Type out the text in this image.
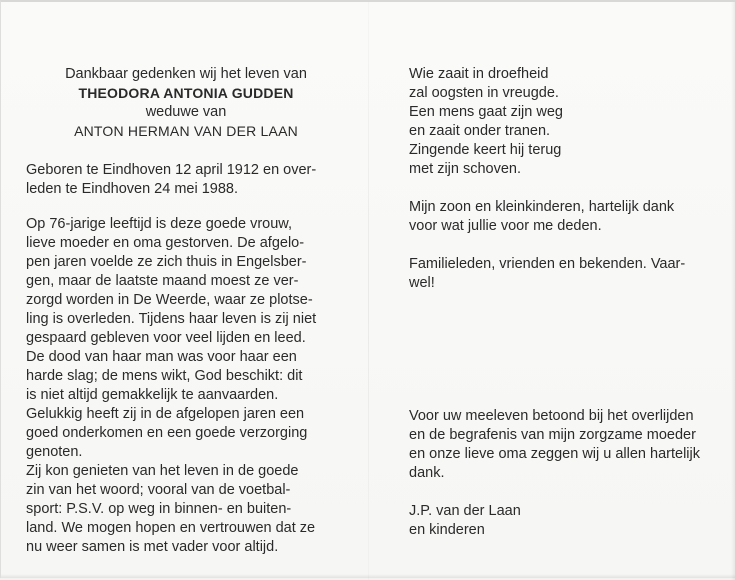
Dankbaar gedenken wij het leven van
THEODORA ANTONIA GUDDEN
weduwe van
ANTON HERMAN VAN DER LAAN
Geboren te Eindhoven 12 april 1912 en over-
leden te Eindhoven 24 mei 1988.
Op 76-jarige leeftijd is deze goede vrouw,
lieve moeder en oma gestorven. De afgelo-
pen jaren voelde ze zich thuis in Engelsber-
gen, maar de laatste maand moest ze ver-
zorgd worden in De Weerde, waar ze plotse-
ling is overleden. Tijdens haar leven is zij niet
gespaard gebleven voor veel lijden en leed.
De dood van haar man was voor haar een
harde slag; de mens wikt, God beschikt: dit
is niet altijd gemakkelijk te aanvaarden.
Gelukkig heeft zij in de afgelopen jaren een
goed onderkomen en een goede verzorging
genoten.
Zij kon genieten van het leven in de goede
zin van het woord; vooral van de voetbal-
sport: P.S.V. op weg in binnen- en buiten-
land. We mogen hopen en vertrouwen dat ze
nu weer samen is met vader voor altijd.
Wie zaait in droefheid
zal oogsten in vreugde.
Een mens gaat zijn weg
en zaait onder tranen.
Zingende keert hij terug
met zijn schoven.
Mijn zoon en kleinkinderen, hartelijk dank
voor wat jullie voor me deden.
Familieleden, vrienden en bekenden. Vaar-
wel!
Voor uw meeleven betoond bij het overlijden
en de begrafenis van mijn zorgzame moeder
en onze lieve oma zeggen wij u allen hartelijk
dank.
J.P. van der Laan
en kinderen
